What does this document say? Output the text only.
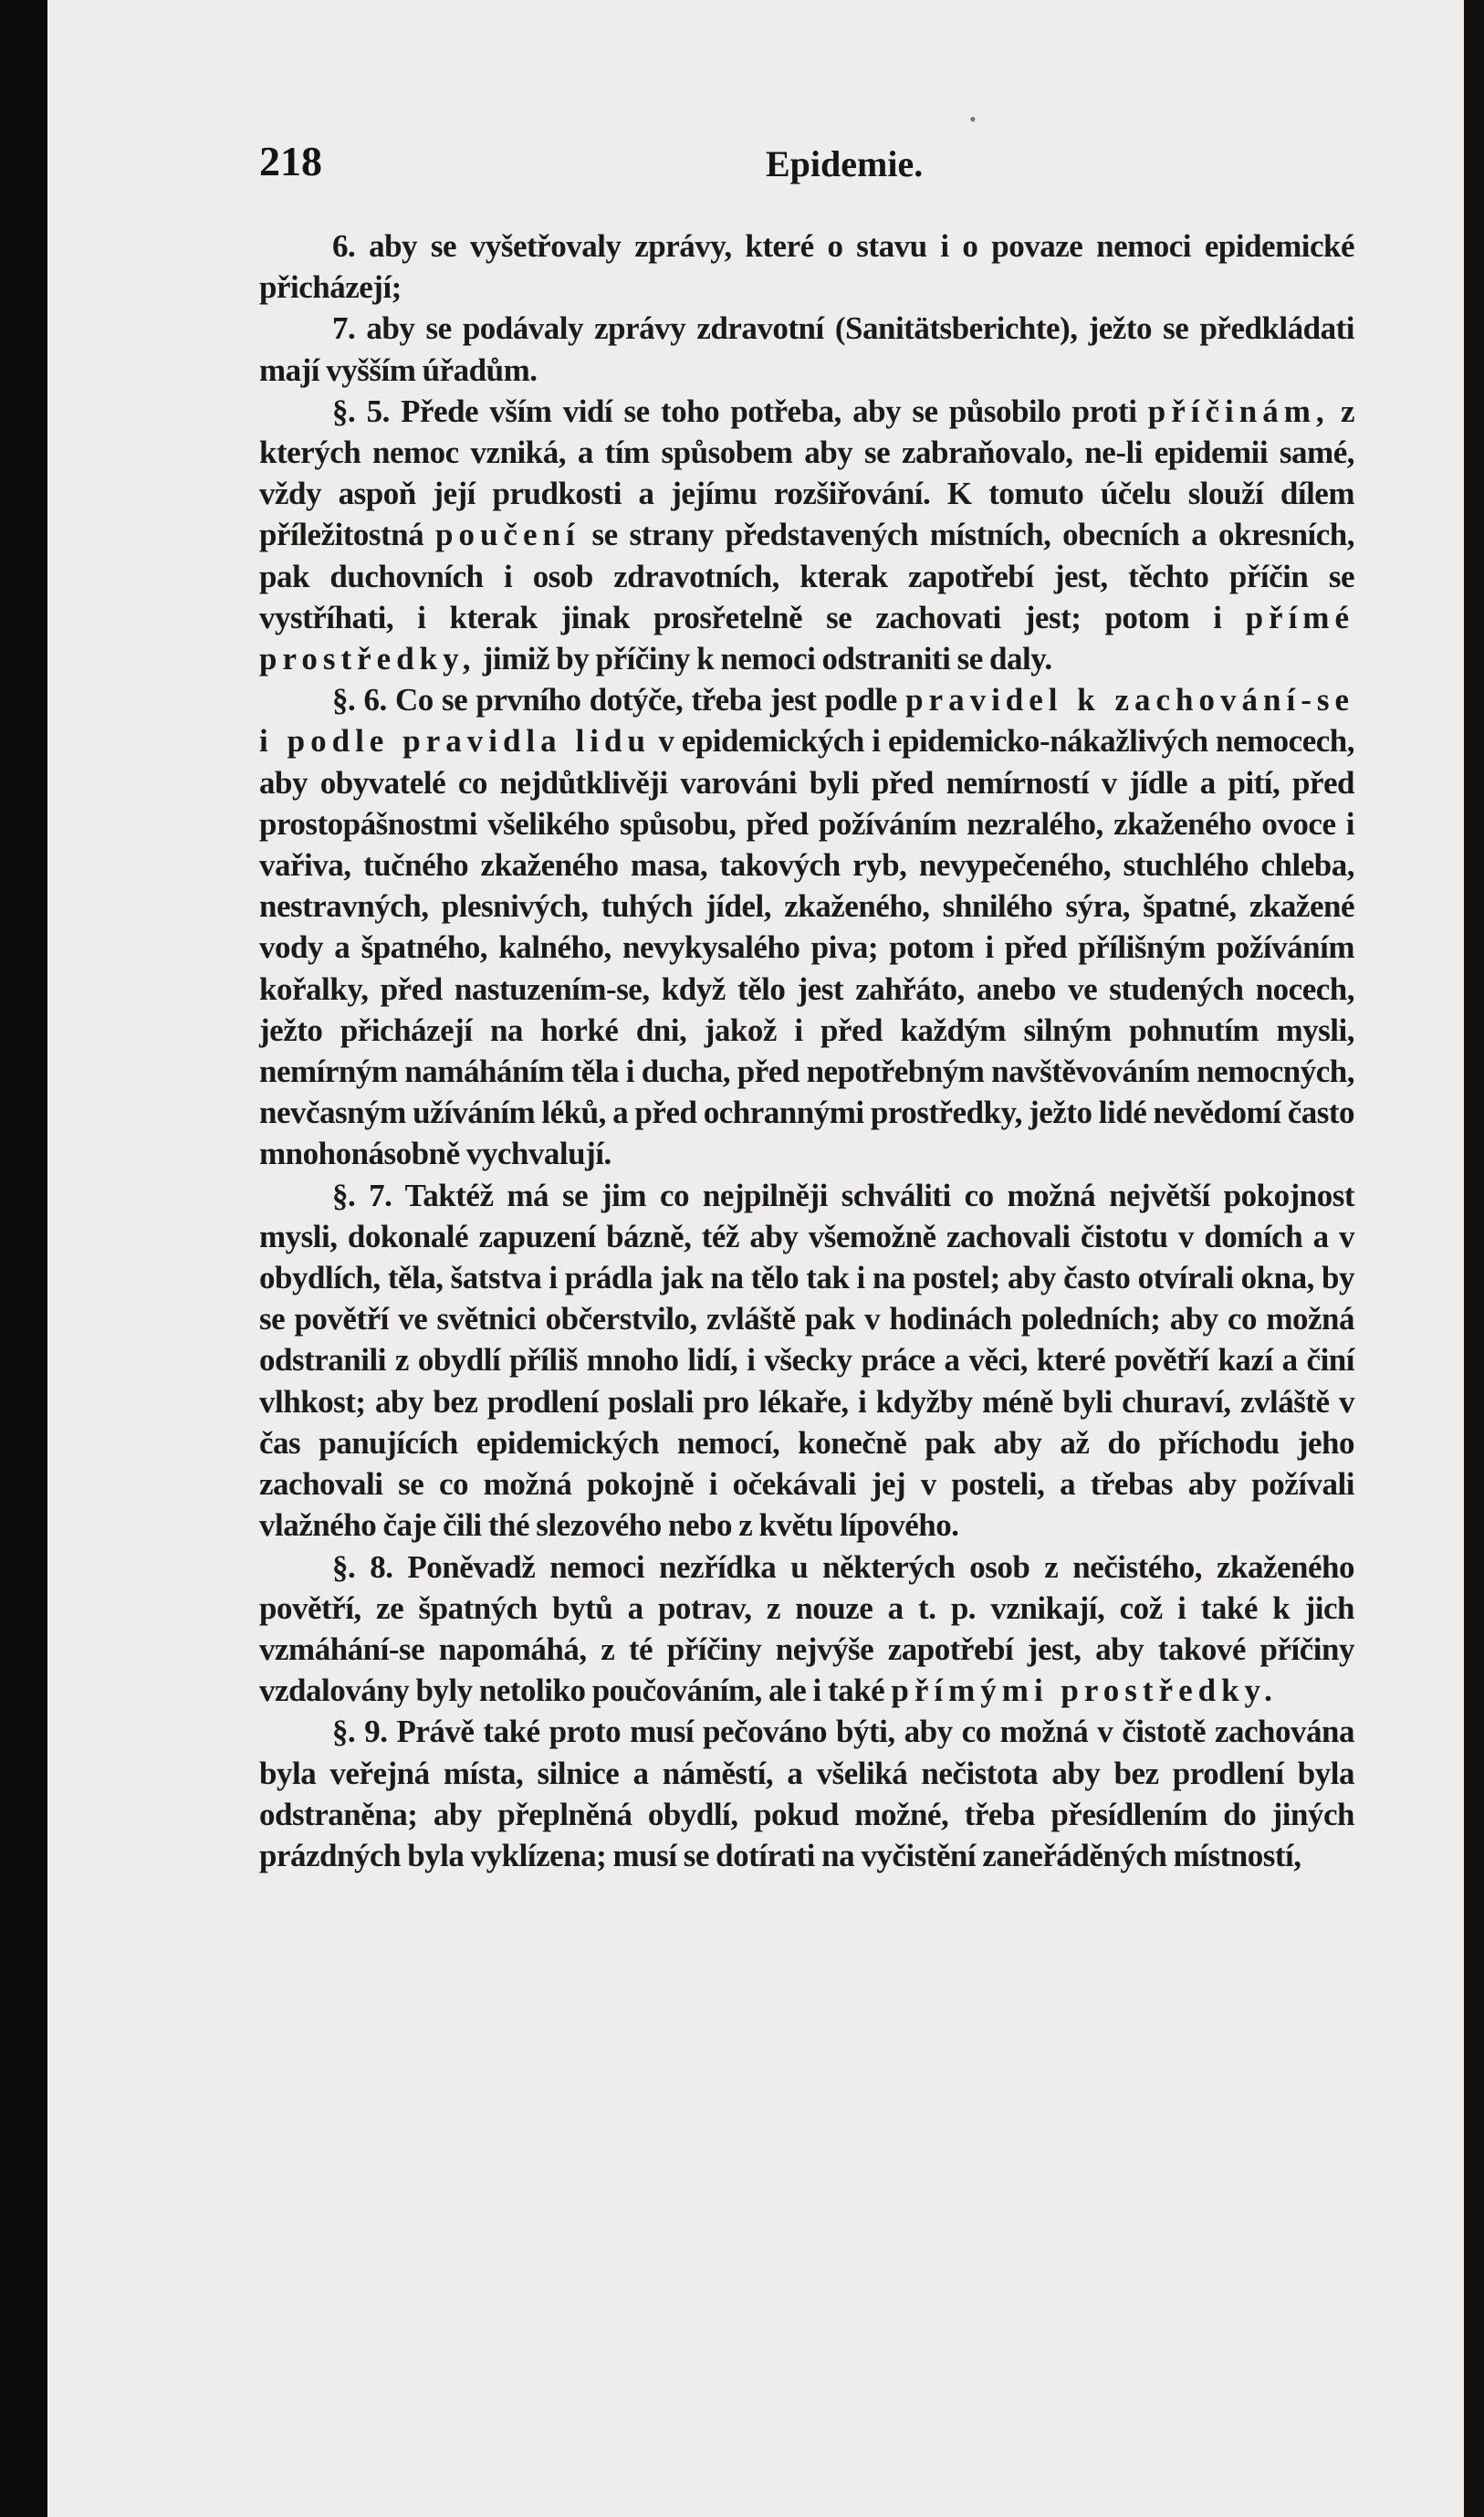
218	Epidemie.
•

6. aby se vyšetřovaly zprávy, které o stavu i o povaze nemoci epidemické přicházejí;

7. aby se podávaly zprávy zdravotní (Sanitätsberichte), ježto se předkládati mají vyšším úřadům.

§. 5. Přede vším vidí se toho potřeba, aby se působilo proti příčinám, z kterých nemoc vzniká, a tím spůsobem aby se zabraňovalo, ne-li epidemii samé, vždy aspoň její prudkosti a jejímu rozšiřování. K tomuto účelu slouží dílem příležitostná poučení se strany představených místních, obecních a okresních, pak duchovních i osob zdravotních, kterak zapotřebí jest, těchto příčin se vystříhati, i kterak jinak prosřetelně se zachovati jest; potom i přímé prostředky, jimiž by příčiny k nemoci odstraniti se daly.

§. 6. Co se prvního dotýče, třeba jest podle pravidel k zachování-se i podle pravidla lidu v epidemických i epidemicko-nákažlivých nemocech, aby obyvatelé co nejdůtklivěji varováni byli před nemírností v jídle a pití, před prostopášnostmi všelikého spůsobu, před požíváním nezralého, zkaženého ovoce i vařiva, tučného zkaženého masa, takových ryb, nevypečeného, stuchlého chleba, nestravných, plesnivých, tuhých jídel, zkaženého, shnilého sýra, špatné, zkažené vody a špatného, kalného, nevykysalého piva; potom i před přílišným požíváním kořalky, před nastuzením-se, když tělo jest zahřáto, anebo ve studených nocech, ježto přicházejí na horké dni, jakož i před každým silným pohnutím mysli, nemírným namáháním těla i ducha, před nepotřebným navštěvováním nemocných, nevčasným užíváním léků, a před ochrannými prostředky, ježto lidé nevědomí často mnohonásobně vychvalují.

§. 7. Taktéž má se jim co nejpilněji schváliti co možná největší pokojnost mysli, dokonalé zapuzení bázně, též aby všemožně zachovali čistotu v domích a v obydlích, těla, šatstva i prádla jak na tělo tak i na postel; aby často otvírali okna, by se povětří ve světnici občerstvilo, zvláště pak v hodinách poledních; aby co možná odstranili z obydlí příliš mnoho lidí, i všecky práce a věci, které povětří kazí a činí vlhkost; aby bez prodlení poslali pro lékaře, i kdyžby méně byli churaví, zvláště v čas panujících epidemických nemocí, konečně pak aby až do příchodu jeho zachovali se co možná pokojně i očekávali jej v posteli, a třebas aby požívali vlažného čaje čili thé slezového nebo z květu lípového.

§. 8. Poněvadž nemoci nezřídka u některých osob z nečistého, zkaženého povětří, ze špatných bytů a potrav, z nouze a t. p. vznikají, což i také k jich vzmáhání-se napomáhá, z té příčiny nejvýše zapotřebí jest, aby takové příčiny vzdalovány byly netoliko poučováním, ale i také přímými prostředky.

§. 9. Právě také proto musí pečováno býti, aby co možná v čistotě zachována byla veřejná místa, silnice a náměstí, a všeliká nečistota aby bez prodlení byla odstraněna; aby přeplněná obydlí, pokud možné, třeba přesídlením do jiných prázdných byla vyklízena; musí se dotírati na vyčistění zaneřáděných místností,
